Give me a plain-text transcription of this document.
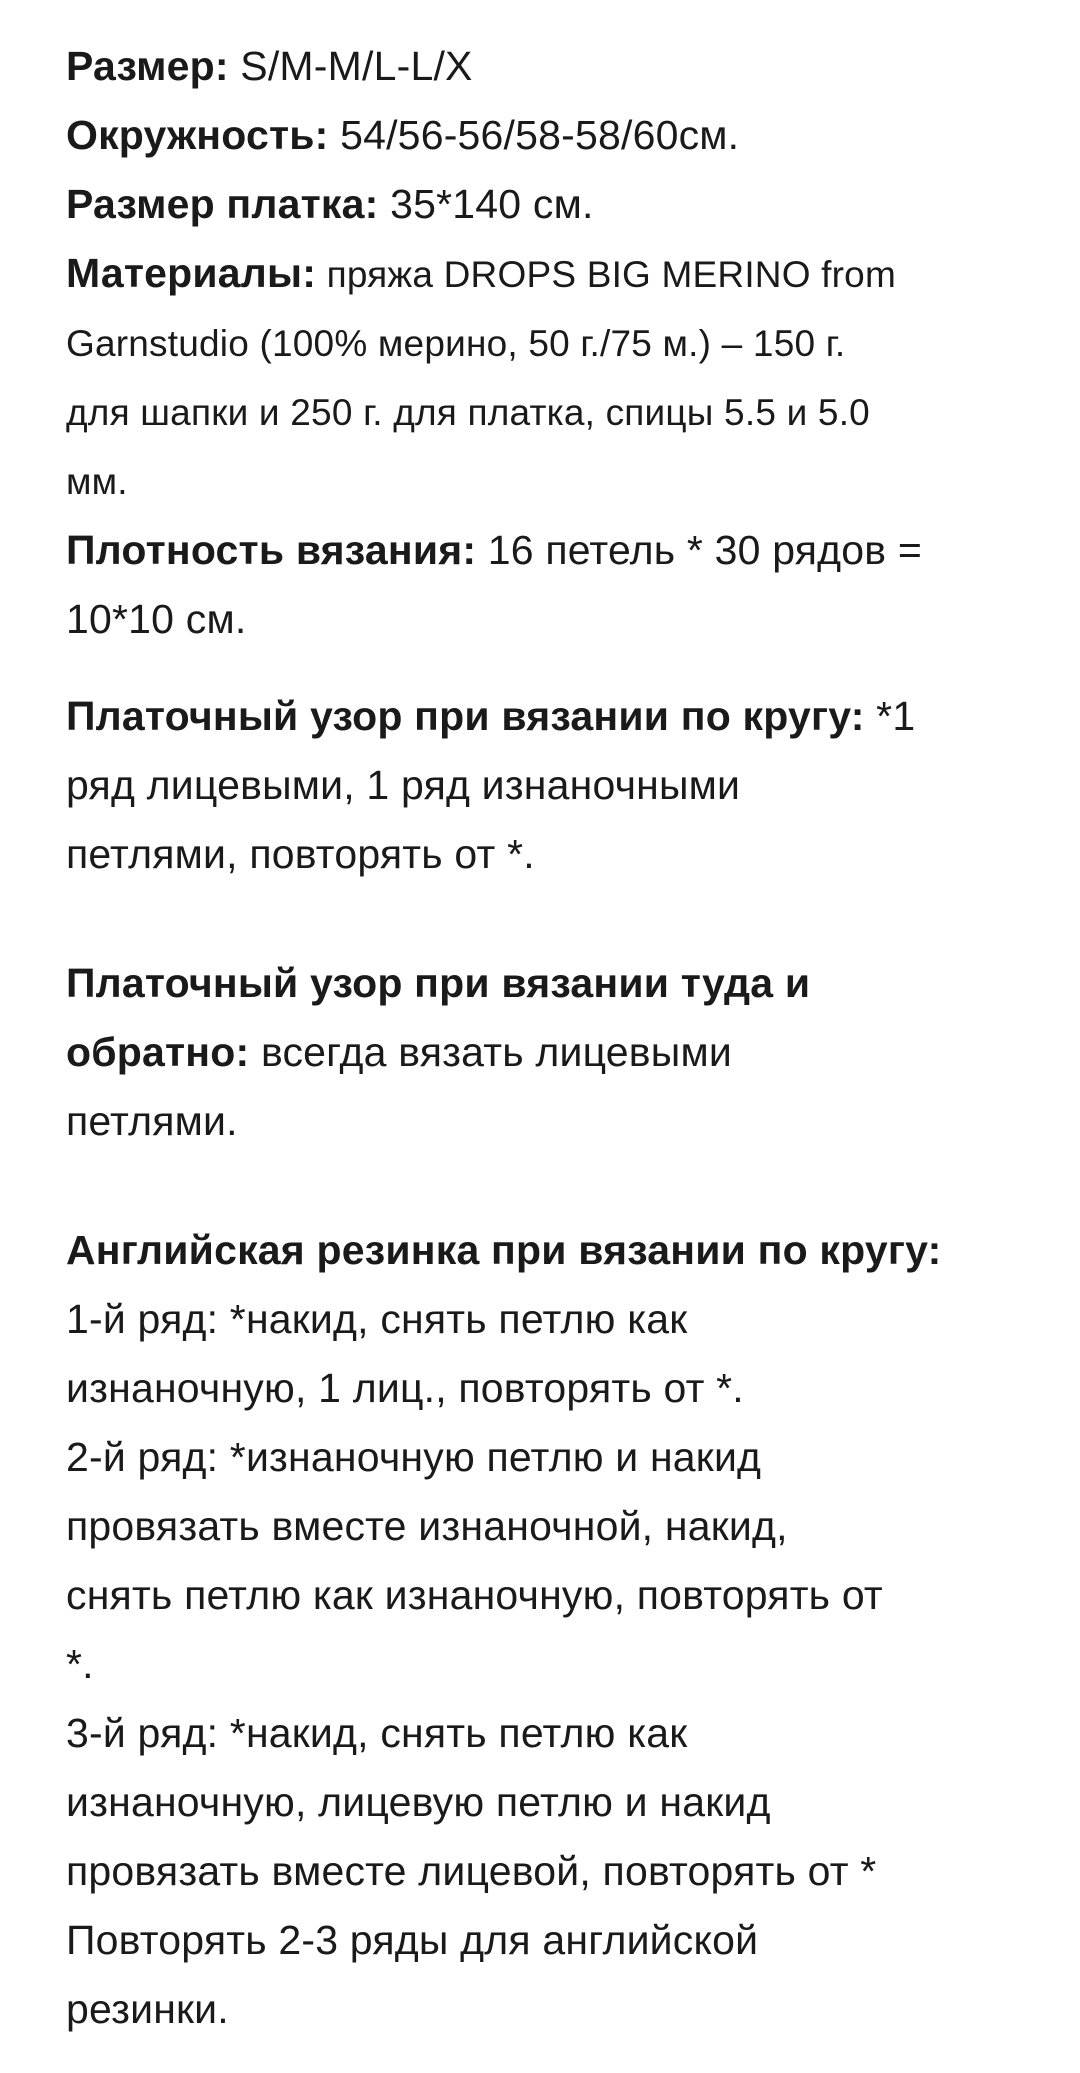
Размер: S/M-M/L-L/X
Окружность: 54/56-56/58-58/60см.
Размер платка: 35*140 см.
Материалы: пряжа DROPS BIG MERINO from
Garnstudio (100% мерино, 50 г./75 м.) – 150 г.
для шапки и 250 г. для платка, спицы 5.5 и 5.0
мм.
Плотность вязания: 16 петель * 30 рядов =
10*10 см.
Платочный узор при вязании по кругу: *1
ряд лицевыми, 1 ряд изнаночными
петлями, повторять от *.
Платочный узор при вязании туда и
обратно: всегда вязать лицевыми
петлями.
Английская резинка при вязании по кругу:
1-й ряд: *накид, снять петлю как
изнаночную, 1 лиц., повторять от *.
2-й ряд: *изнаночную петлю и накид
провязать вместе изнаночной, накид,
снять петлю как изнаночную, повторять от
*.
3-й ряд: *накид, снять петлю как
изнаночную, лицевую петлю и накид
провязать вместе лицевой, повторять от *
Повторять 2-3 ряды для английской
резинки.
